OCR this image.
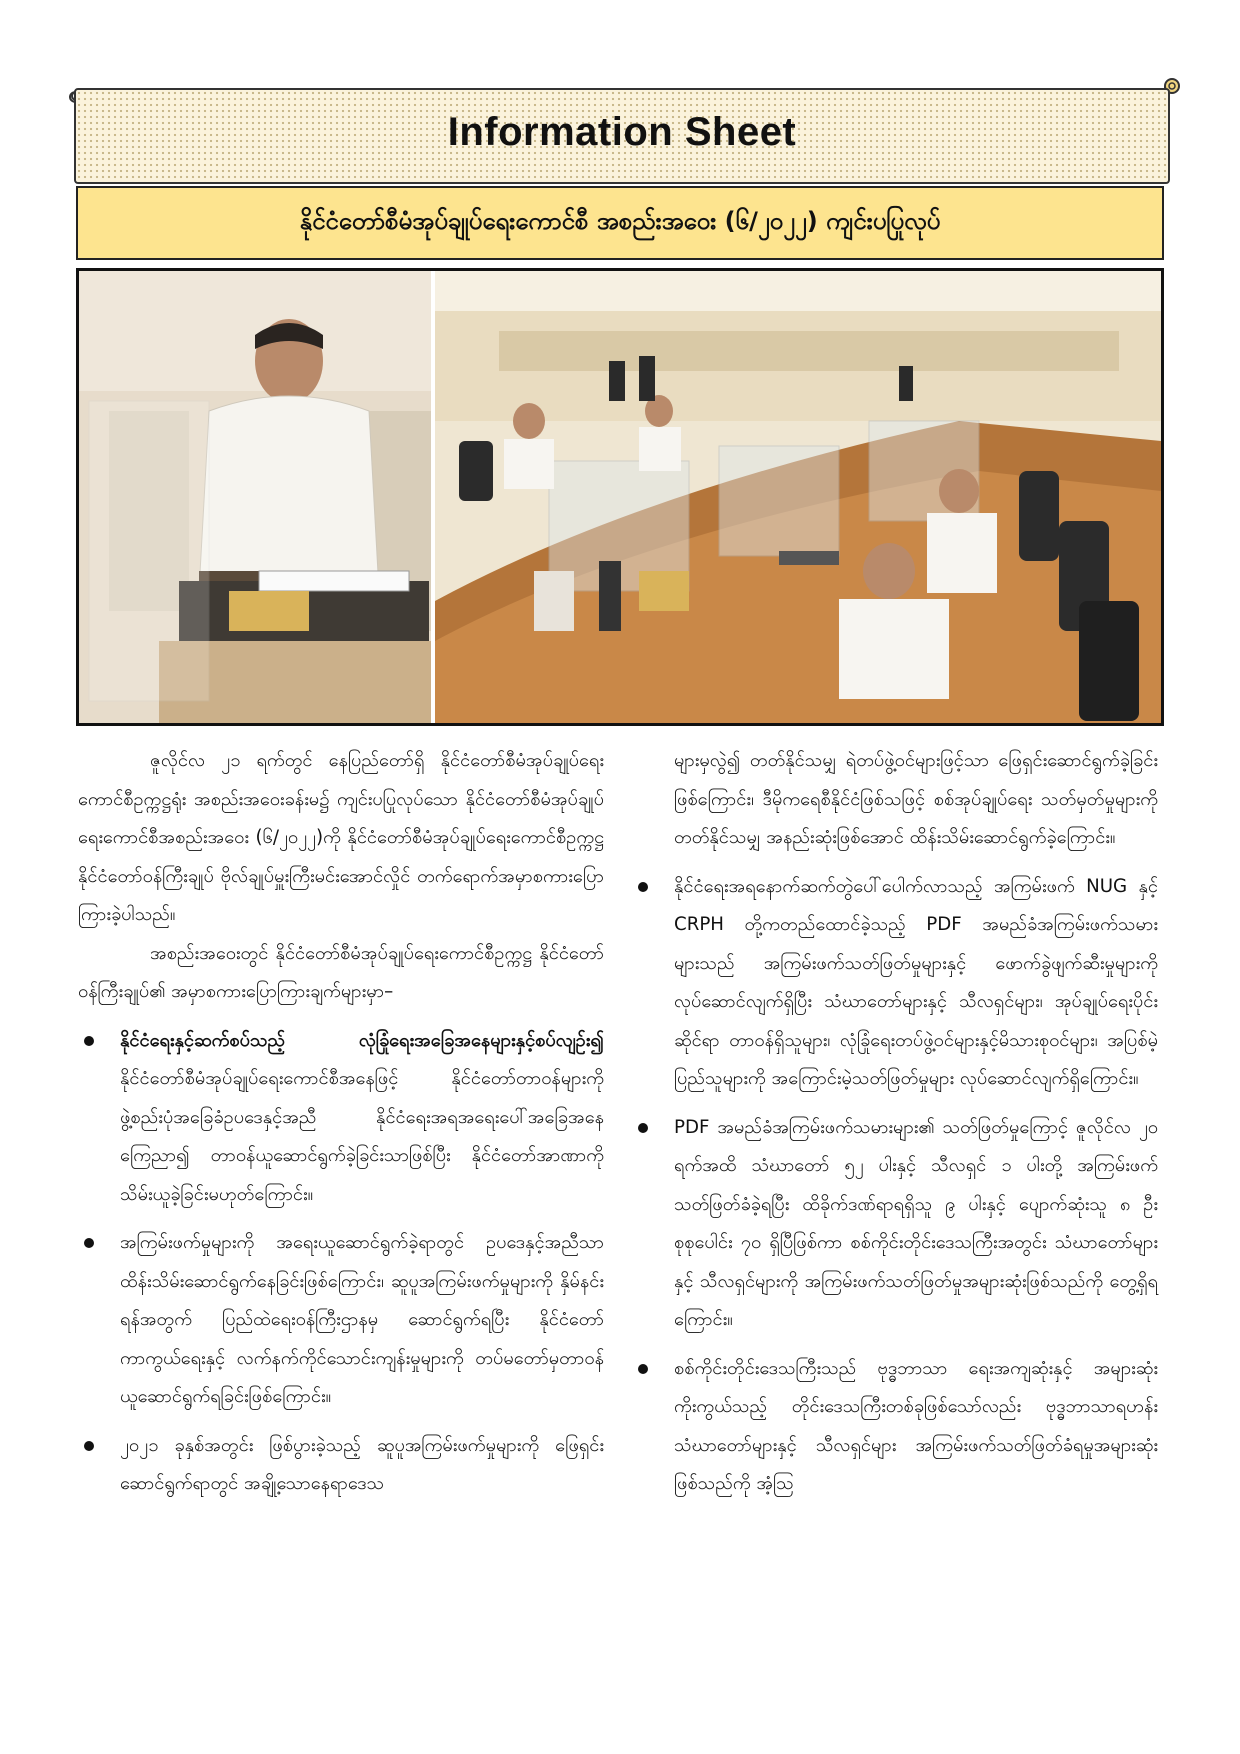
Information Sheet
နိုင်ငံတော်စီမံအုပ်ချုပ်ရေးကောင်စီ အစည်းအဝေး (၆/၂၀၂၂) ကျင်းပပြုလုပ်

ဇူလိုင်လ ၂၁ ရက်တွင် နေပြည်တော်ရှိ နိုင်ငံတော်စီမံအုပ်ချုပ်ရေးကောင်စီဥက္ကဋ္ဌရုံး အစည်းအဝေးခန်းမ၌ ကျင်းပပြုလုပ်သော နိုင်ငံတော်စီမံအုပ်ချုပ်ရေးကောင်စီအစည်းအဝေး (၆/၂၀၂၂)ကို နိုင်ငံတော်စီမံအုပ်ချုပ်ရေးကောင်စီဥက္ကဋ္ဌ နိုင်ငံတော်ဝန်ကြီးချုပ် ဗိုလ်ချုပ်မှူးကြီးမင်းအောင်လှိုင် တက်ရောက်အမှာစကားပြောကြားခဲ့ပါသည်။

အစည်းအဝေးတွင် နိုင်ငံတော်စီမံအုပ်ချုပ်ရေးကောင်စီဥက္ကဋ္ဌ နိုင်ငံတော်ဝန်ကြီးချုပ်၏ အမှာစကားပြောကြားချက်များမှာ–

နိုင်ငံရေးနှင့်ဆက်စပ်သည့် လုံခြုံရေးအခြေအနေများနှင့်စပ်လျဉ်း၍ နိုင်ငံတော်စီမံအုပ်ချုပ်ရေးကောင်စီအနေဖြင့် နိုင်ငံတော်တာဝန်များကို ဖွဲ့စည်းပုံအခြေခံဥပဒေနှင့်အညီ နိုင်ငံရေးအရအရေးပေါ်အခြေအနေကြေညာ၍ တာဝန်ယူဆောင်ရွက်ခဲ့ခြင်းသာဖြစ်ပြီး နိုင်ငံတော်အာဏာကို သိမ်းယူခဲ့ခြင်းမဟုတ်ကြောင်း။
အကြမ်းဖက်မှုများကို အရေးယူဆောင်ရွက်ခဲ့ရာတွင် ဥပဒေနှင့်အညီသာ ထိန်းသိမ်းဆောင်ရွက်နေခြင်းဖြစ်ကြောင်း၊ ဆူပူအကြမ်းဖက်မှုများကို နှိမ်နင်းရန်အတွက် ပြည်ထဲရေးဝန်ကြီးဌာနမှ ဆောင်ရွက်ရပြီး နိုင်ငံတော်ကာကွယ်ရေးနှင့် လက်နက်ကိုင်သောင်းကျန်းမှုများကို တပ်မတော်မှတာဝန်ယူဆောင်ရွက်ရခြင်းဖြစ်ကြောင်း။
၂၀၂၁ ခုနှစ်အတွင်း ဖြစ်ပွားခဲ့သည့် ဆူပူအကြမ်းဖက်မှုများကို ဖြေရှင်းဆောင်ရွက်ရာတွင် အချို့သောနေရာဒေသ

များမှလွဲ၍ တတ်နိုင်သမျှ ရဲတပ်ဖွဲ့ဝင်များဖြင့်သာ ဖြေရှင်းဆောင်ရွက်ခဲ့ခြင်းဖြစ်ကြောင်း၊ ဒီမိုကရေစီနိုင်ငံဖြစ်သဖြင့် စစ်အုပ်ချုပ်ရေး သတ်မှတ်မှုများကို တတ်နိုင်သမျှ အနည်းဆုံးဖြစ်အောင် ထိန်းသိမ်းဆောင်ရွက်ခဲ့ကြောင်း။

နိုင်ငံရေးအရနောက်ဆက်တွဲပေါ်ပေါက်လာသည့် အကြမ်းဖက် NUG နှင့် CRPH တို့ကတည်ထောင်ခဲ့သည့် PDF အမည်ခံအကြမ်းဖက်သမားများသည် အကြမ်းဖက်သတ်ဖြတ်မှုများနှင့် ဖောက်ခွဲဖျက်ဆီးမှုများကို လုပ်ဆောင်လျက်ရှိပြီး သံဃာတော်များနှင့် သီလရှင်များ၊ အုပ်ချုပ်ရေးပိုင်းဆိုင်ရာ တာဝန်ရှိသူများ၊ လုံခြုံရေးတပ်ဖွဲ့ဝင်များနှင့်မိသားစုဝင်များ၊ အပြစ်မဲ့ပြည်သူများကို အကြောင်းမဲ့သတ်ဖြတ်မှုများ လုပ်ဆောင်လျက်ရှိကြောင်း။
PDF အမည်ခံအကြမ်းဖက်သမားများ၏ သတ်ဖြတ်မှုကြောင့် ဇူလိုင်လ ၂၀ ရက်အထိ သံဃာတော် ၅၂ ပါးနှင့် သီလရှင် ၁ ပါးတို့ အကြမ်းဖက်သတ်ဖြတ်ခံခဲ့ရပြီး ထိခိုက်ဒဏ်ရာရရှိသူ ၉ ပါးနှင့် ပျောက်ဆုံးသူ ၈ ဦး စုစုပေါင်း ၇၀ ရှိပြီဖြစ်ကာ စစ်ကိုင်းတိုင်းဒေသကြီးအတွင်း သံဃာတော်များနှင့် သီလရှင်များကို အကြမ်းဖက်သတ်ဖြတ်မှုအများဆုံးဖြစ်သည်ကို တွေ့ရှိရကြောင်း။
စစ်ကိုင်းတိုင်းဒေသကြီးသည် ဗုဒ္ဓဘာသာ ရေးအကျဆုံးနှင့် အများဆုံးကိုးကွယ်သည့် တိုင်းဒေသကြီးတစ်ခုဖြစ်သော်လည်း ဗုဒ္ဓဘာသာရဟန်းသံဃာတော်များနှင့် သီလရှင်များ အကြမ်းဖက်သတ်ဖြတ်ခံရမှုအများဆုံးဖြစ်သည်ကို အံ့သြ
